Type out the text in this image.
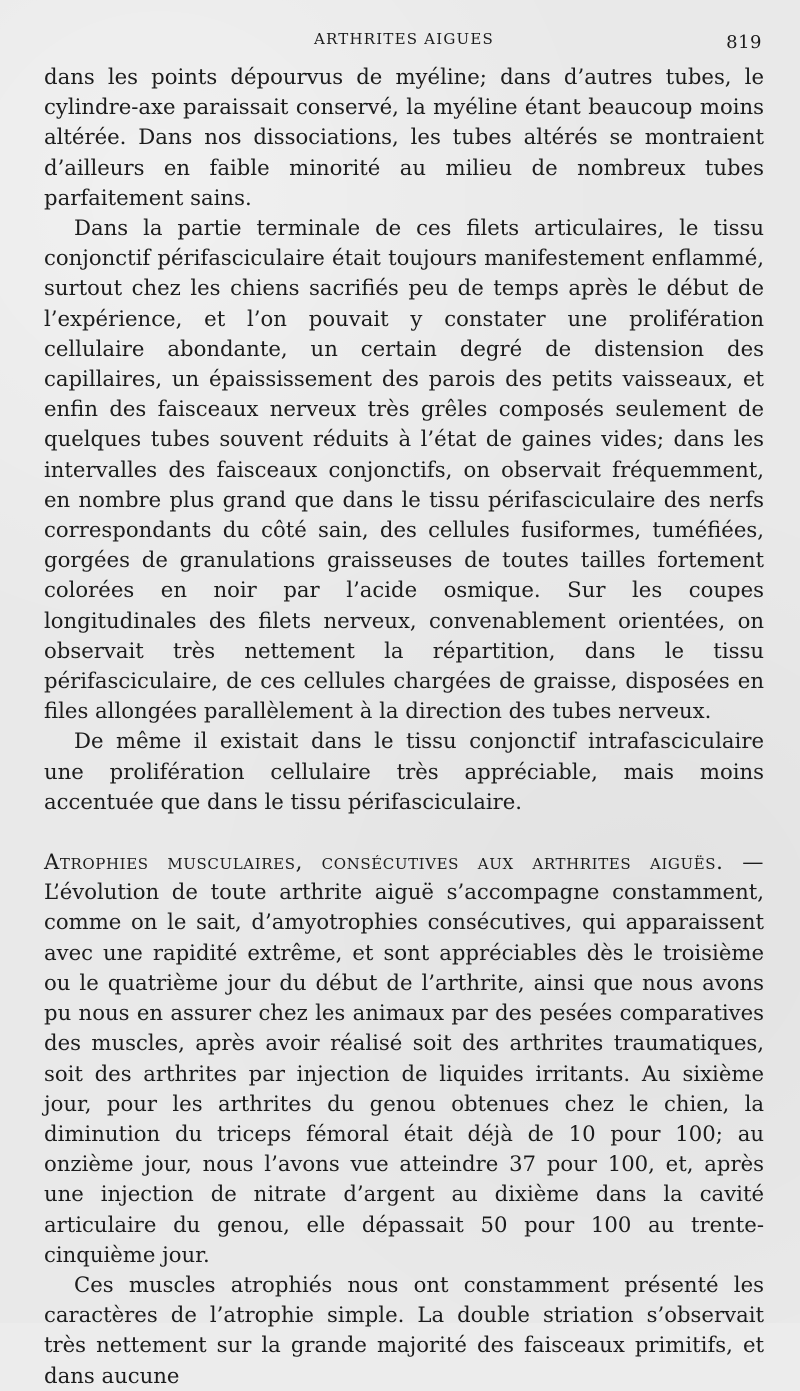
ARTHRITES AIGUES	819

dans les points dépourvus de myéline; dans d’autres tubes, le cylindre-axe paraissait conservé, la myéline étant beaucoup moins altérée. Dans nos dissociations, les tubes altérés se montraient d’ailleurs en faible minorité au milieu de nombreux tubes parfaitement sains.

Dans la partie terminale de ces filets articulaires, le tissu conjonctif périfasciculaire était toujours manifestement enflammé, surtout chez les chiens sacrifiés peu de temps après le début de l’expérience, et l’on pouvait y constater une prolifération cellulaire abondante, un certain degré de distension des capillaires, un épaississement des parois des petits vaisseaux, et enfin des faisceaux nerveux très grêles composés seulement de quelques tubes souvent réduits à l’état de gaines vides; dans les intervalles des faisceaux conjonctifs, on observait fréquemment, en nombre plus grand que dans le tissu périfasciculaire des nerfs correspondants du côté sain, des cellules fusiformes, tuméfiées, gorgées de granulations graisseuses de toutes tailles fortement colorées en noir par l’acide osmique. Sur les coupes longitudinales des filets nerveux, convenablement orientées, on observait très nettement la répartition, dans le tissu périfasciculaire, de ces cellules chargées de graisse, disposées en files allongées parallèlement à la direction des tubes nerveux.

De même il existait dans le tissu conjonctif intrafasciculaire une prolifération cellulaire très appréciable, mais moins accentuée que dans le tissu périfasciculaire.

Atrophies musculaires, consécutives aux arthrites aiguës. — L’évolution de toute arthrite aiguë s’accompagne constamment, comme on le sait, d’amyotrophies consécutives, qui apparaissent avec une rapidité extrême, et sont appréciables dès le troisième ou le quatrième jour du début de l’arthrite, ainsi que nous avons pu nous en assurer chez les animaux par des pesées comparatives des muscles, après avoir réalisé soit des arthrites traumatiques, soit des arthrites par injection de liquides irritants. Au sixième jour, pour les arthrites du genou obtenues chez le chien, la diminution du triceps fémoral était déjà de 10 pour 100; au onzième jour, nous l’avons vue atteindre 37 pour 100, et, après une injection de nitrate d’argent au dixième dans la cavité articulaire du genou, elle dépassait 50 pour 100 au trente-cinquième jour.

Ces muscles atrophiés nous ont constamment présenté les caractères de l’atrophie simple. La double striation s’observait très nettement sur la grande majorité des faisceaux primitifs, et dans aucune
